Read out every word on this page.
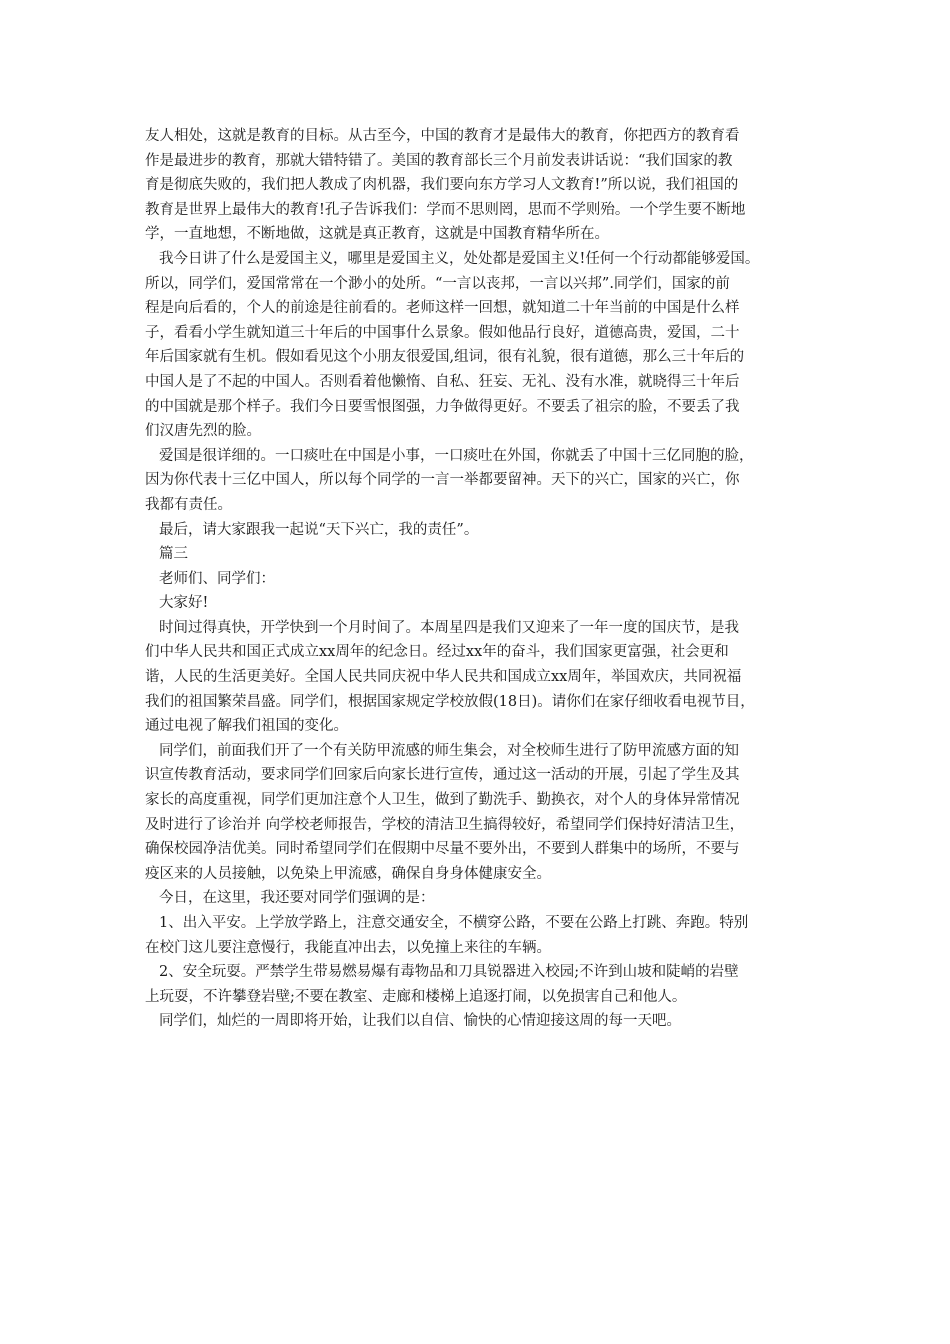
友人相处，这就是教育的目标。从古至今，中国的教育才是最伟大的教育，你把西方的教育看
作是最进步的教育，那就大错特错了。美国的教育部长三个月前发表讲话说：“我们国家的教
育是彻底失败的，我们把人教成了肉机器，我们要向东方学习人文教育!”所以说，我们祖国的
教育是世界上最伟大的教育!孔子告诉我们：学而不思则罔，思而不学则殆。一个学生要不断地
学，一直地想，不断地做，这就是真正教育，这就是中国教育精华所在。
我今日讲了什么是爱国主义，哪里是爱国主义，处处都是爱国主义!任何一个行动都能够爱国。
所以，同学们，爱国常常在一个渺小的处所。“一言以丧邦，一言以兴邦”.同学们，国家的前
程是向后看的，个人的前途是往前看的。老师这样一回想，就知道二十年当前的中国是什么样
子，看看小学生就知道三十年后的中国事什么景象。假如他品行良好，道德高贵，爱国，二十
年后国家就有生机。假如看见这个小朋友很爱国,组词，很有礼貌，很有道德，那么三十年后的
中国人是了不起的中国人。否则看着他懒惰、自私、狂妄、无礼、没有水准，就晓得三十年后
的中国就是那个样子。我们今日要雪恨图强，力争做得更好。不要丢了祖宗的脸，不要丢了我
们汉唐先烈的脸。
爱国是很详细的。一口痰吐在中国是小事，一口痰吐在外国，你就丢了中国十三亿同胞的脸，
因为你代表十三亿中国人，所以每个同学的一言一举都要留神。天下的兴亡，国家的兴亡，你
我都有责任。
最后，请大家跟我一起说“天下兴亡，我的责任”。
篇三
老师们、同学们：
大家好!
时间过得真快，开学快到一个月时间了。本周星四是我们又迎来了一年一度的国庆节，是我
们中华人民共和国正式成立xx周年的纪念日。经过xx年的奋斗，我们国家更富强，社会更和
谐，人民的生活更美好。全国人民共同庆祝中华人民共和国成立xx周年，举国欢庆，共同祝福
我们的祖国繁荣昌盛。同学们，根据国家规定学校放假(18日)。请你们在家仔细收看电视节目，
通过电视了解我们祖国的变化。
同学们，前面我们开了一个有关防甲流感的师生集会，对全校师生进行了防甲流感方面的知
识宣传教育活动，要求同学们回家后向家长进行宣传，通过这一活动的开展，引起了学生及其
家长的高度重视，同学们更加注意个人卫生，做到了勤洗手、勤换衣，对个人的身体异常情况
及时进行了诊治并 向学校老师报告，学校的清洁卫生搞得较好，希望同学们保持好清洁卫生，
确保校园净洁优美。同时希望同学们在假期中尽量不要外出，不要到人群集中的场所，不要与
疫区来的人员接触，以免染上甲流感，确保自身身体健康安全。
今日，在这里，我还要对同学们强调的是：
1、出入平安。上学放学路上，注意交通安全，不横穿公路，不要在公路上打跳、奔跑。特别
在校门这儿要注意慢行，我能直冲出去，以免撞上来往的车辆。
2、安全玩耍。严禁学生带易燃易爆有毒物品和刀具锐器进入校园;不许到山坡和陡峭的岩壁
上玩耍，不许攀登岩壁;不要在教室、走廊和楼梯上追逐打闹，以免损害自己和他人。
同学们，灿烂的一周即将开始，让我们以自信、愉快的心情迎接这周的每一天吧。
